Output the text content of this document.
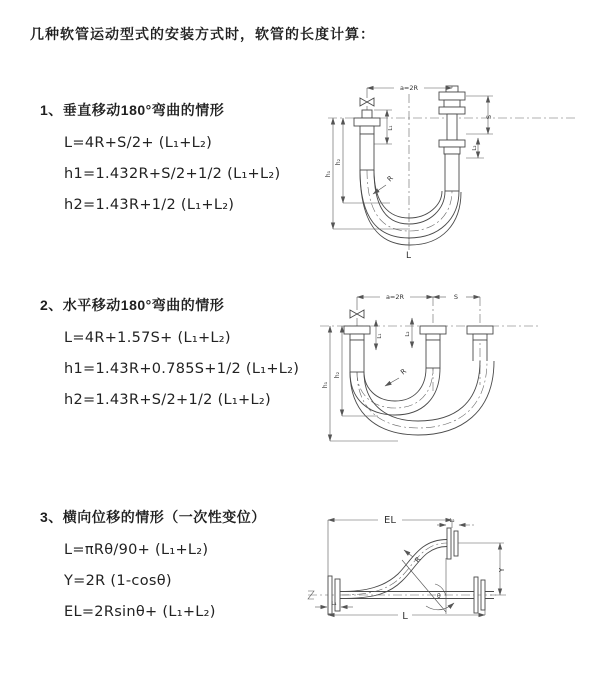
几种软管运动型式的安装方式时，软管的长度计算：
1、垂直移动180°弯曲的情形
L=4R+S/2+ (L₁+L₂)
h1=1.432R+S/2+1/2 (L₁+L₂)
h2=1.43R+1/2 (L₁+L₂)
2、水平移动180°弯曲的情形
L=4R+1.57S+ (L₁+L₂)
h1=1.43R+0.785S+1/2 (L₁+L₂)
h2=1.43R+S/2+1/2 (L₁+L₂)
3、横向位移的情形（一次性变位）
L=πRθ/90+ (L₁+L₂)
Y=2R (1-cosθ)
EL=2Rsinθ+ (L₁+L₂)
a=2R
S
L₂
h₁
h₂
L₁
R
L
a=2R	S
h₁
h₂
L₁	L₂
R
θ
R
EL	L₂
Y
L
L₁
